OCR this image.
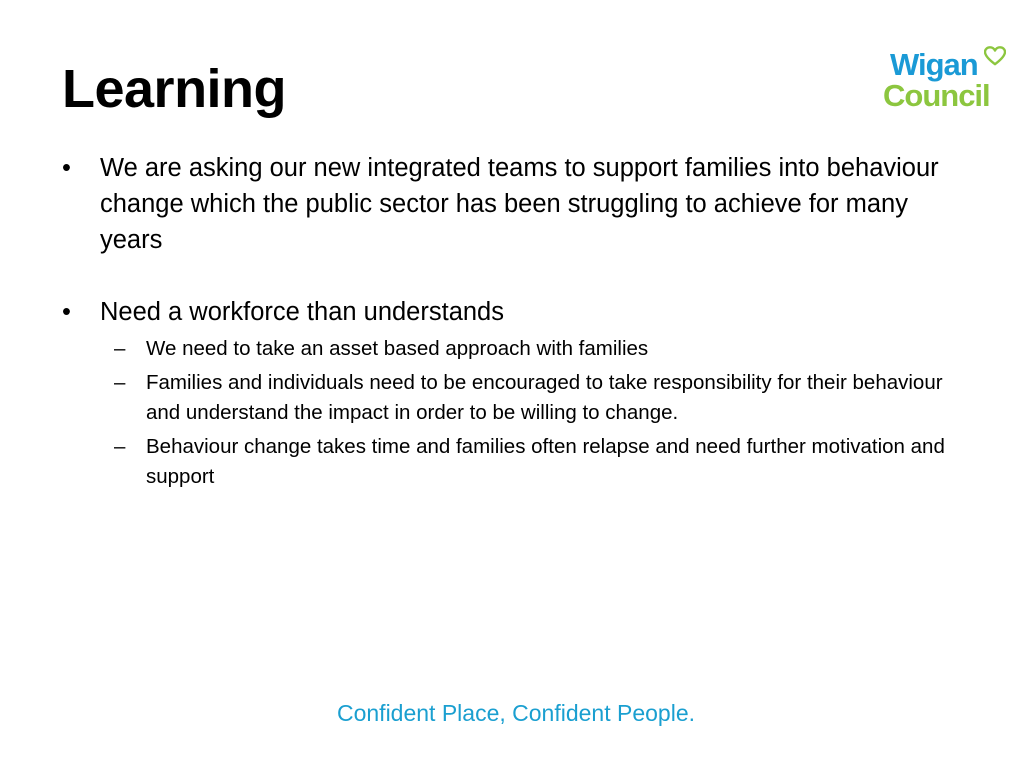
Learning	Wigan
Council
• We are asking our new integrated teams to support families into behaviour change which the public sector has been struggling to achieve for many years
• Need a workforce than understands
– We need to take an asset based approach with families
– Families and individuals need to be encouraged to take responsibility for their behaviour and understand the impact in order to be willing to change.
– Behaviour change takes time and families often relapse and need further motivation and support
Confident Place, Confident People.
